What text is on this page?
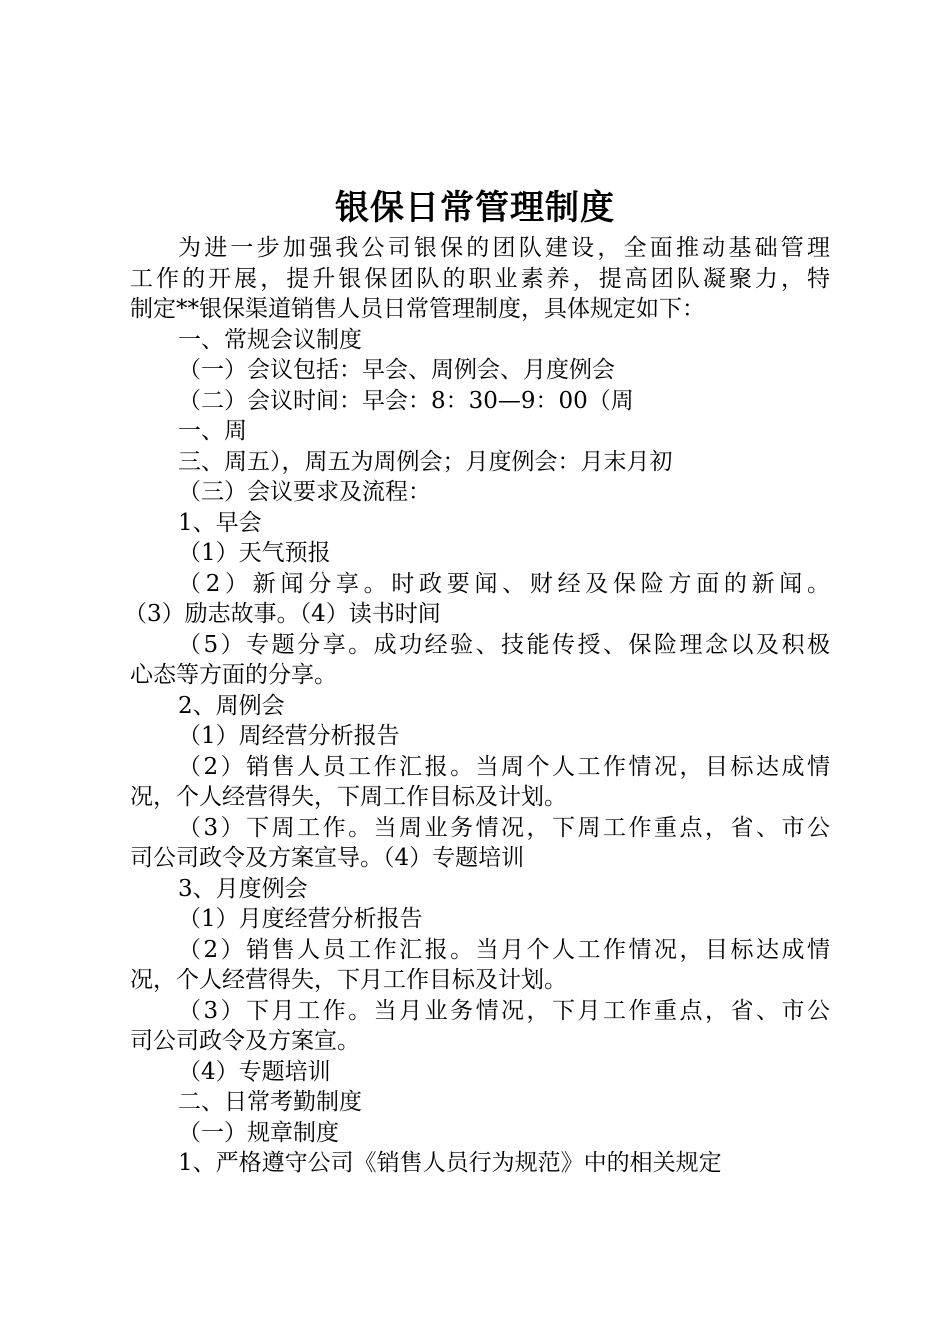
银保日常管理制度
为进一步加强我公司银保的团队建设，全面推动基础管理
工作的开展，提升银保团队的职业素养，提高团队凝聚力，特
制定**银保渠道销售人员日常管理制度，具体规定如下：
一、常规会议制度
（一）会议包括：早会、周例会、月度例会
（二）会议时间：早会：8：30—9：00（周
一、周
三、周五），周五为周例会；月度例会：月末月初
（三）会议要求及流程：
1、早会
（1）天气预报
（2）新闻分享。时政要闻、财经及保险方面的新闻。
（3）励志故事。（4）读书时间
（5）专题分享。成功经验、技能传授、保险理念以及积极
心态等方面的分享。
2、周例会
（1）周经营分析报告
（2）销售人员工作汇报。当周个人工作情况，目标达成情
况，个人经营得失，下周工作目标及计划。
（3）下周工作。当周业务情况，下周工作重点，省、市公
司公司政令及方案宣导。（4）专题培训
3、月度例会
（1）月度经营分析报告
（2）销售人员工作汇报。当月个人工作情况，目标达成情
况，个人经营得失，下月工作目标及计划。
（3）下月工作。当月业务情况，下月工作重点，省、市公
司公司政令及方案宣。
（4）专题培训
二、日常考勤制度
（一）规章制度
1、严格遵守公司《销售人员行为规范》中的相关规定
